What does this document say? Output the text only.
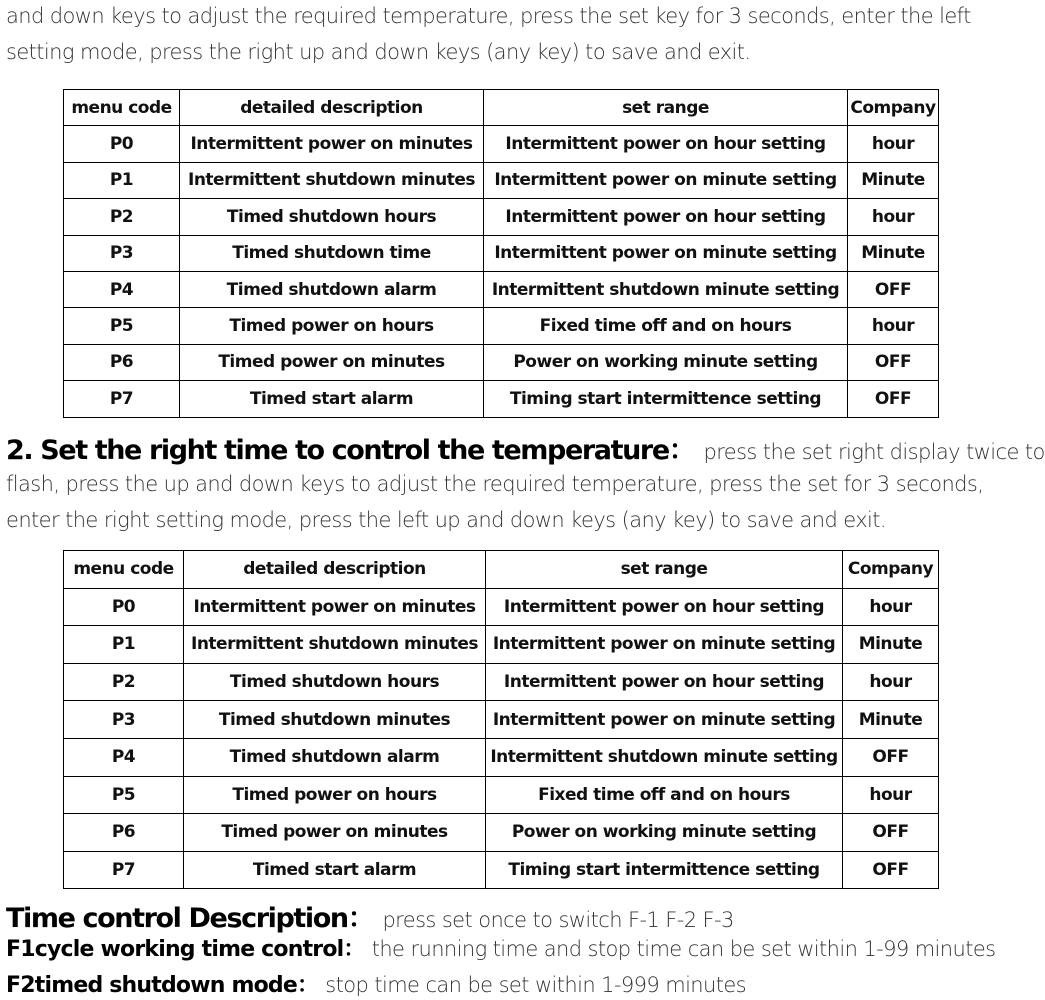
and down keys to adjust the required temperature, press the set key for 3 seconds, enter the left
setting mode, press the right up and down keys (any key) to save and exit.
menu code	detailed description	set range	Company
P0	Intermittent power on minutes	Intermittent power on hour setting	hour
P1	Intermittent shutdown minutes	Intermittent power on minute setting	Minute
P2	Timed shutdown hours	Intermittent power on hour setting	hour
P3	Timed shutdown time	Intermittent power on minute setting	Minute
P4	Timed shutdown alarm	Intermittent shutdown minute setting	OFF
P5	Timed power on hours	Fixed time off and on hours	hour
P6	Timed power on minutes	Power on working minute setting	OFF
P7	Timed start alarm	Timing start intermittence setting	OFF
2. Set the right time to control the temperature： press the set right display twice to
flash, press the up and down keys to adjust the required temperature, press the set for 3 seconds,
enter the right setting mode, press the left up and down keys (any key) to save and exit.
menu code	detailed description	set range	Company
P0	Intermittent power on minutes	Intermittent power on hour setting	hour
P1	Intermittent shutdown minutes	Intermittent power on minute setting	Minute
P2	Timed shutdown hours	Intermittent power on hour setting	hour
P3	Timed shutdown minutes	Intermittent power on minute setting	Minute
P4	Timed shutdown alarm	Intermittent shutdown minute setting	OFF
P5	Timed power on hours	Fixed time off and on hours	hour
P6	Timed power on minutes	Power on working minute setting	OFF
P7	Timed start alarm	Timing start intermittence setting	OFF
Time control Description： press set once to switch F-1 F-2 F-3
F1cycle working time control： the running time and stop time can be set within 1-99 minutes
F2timed shutdown mode： stop time can be set within 1-999 minutes
